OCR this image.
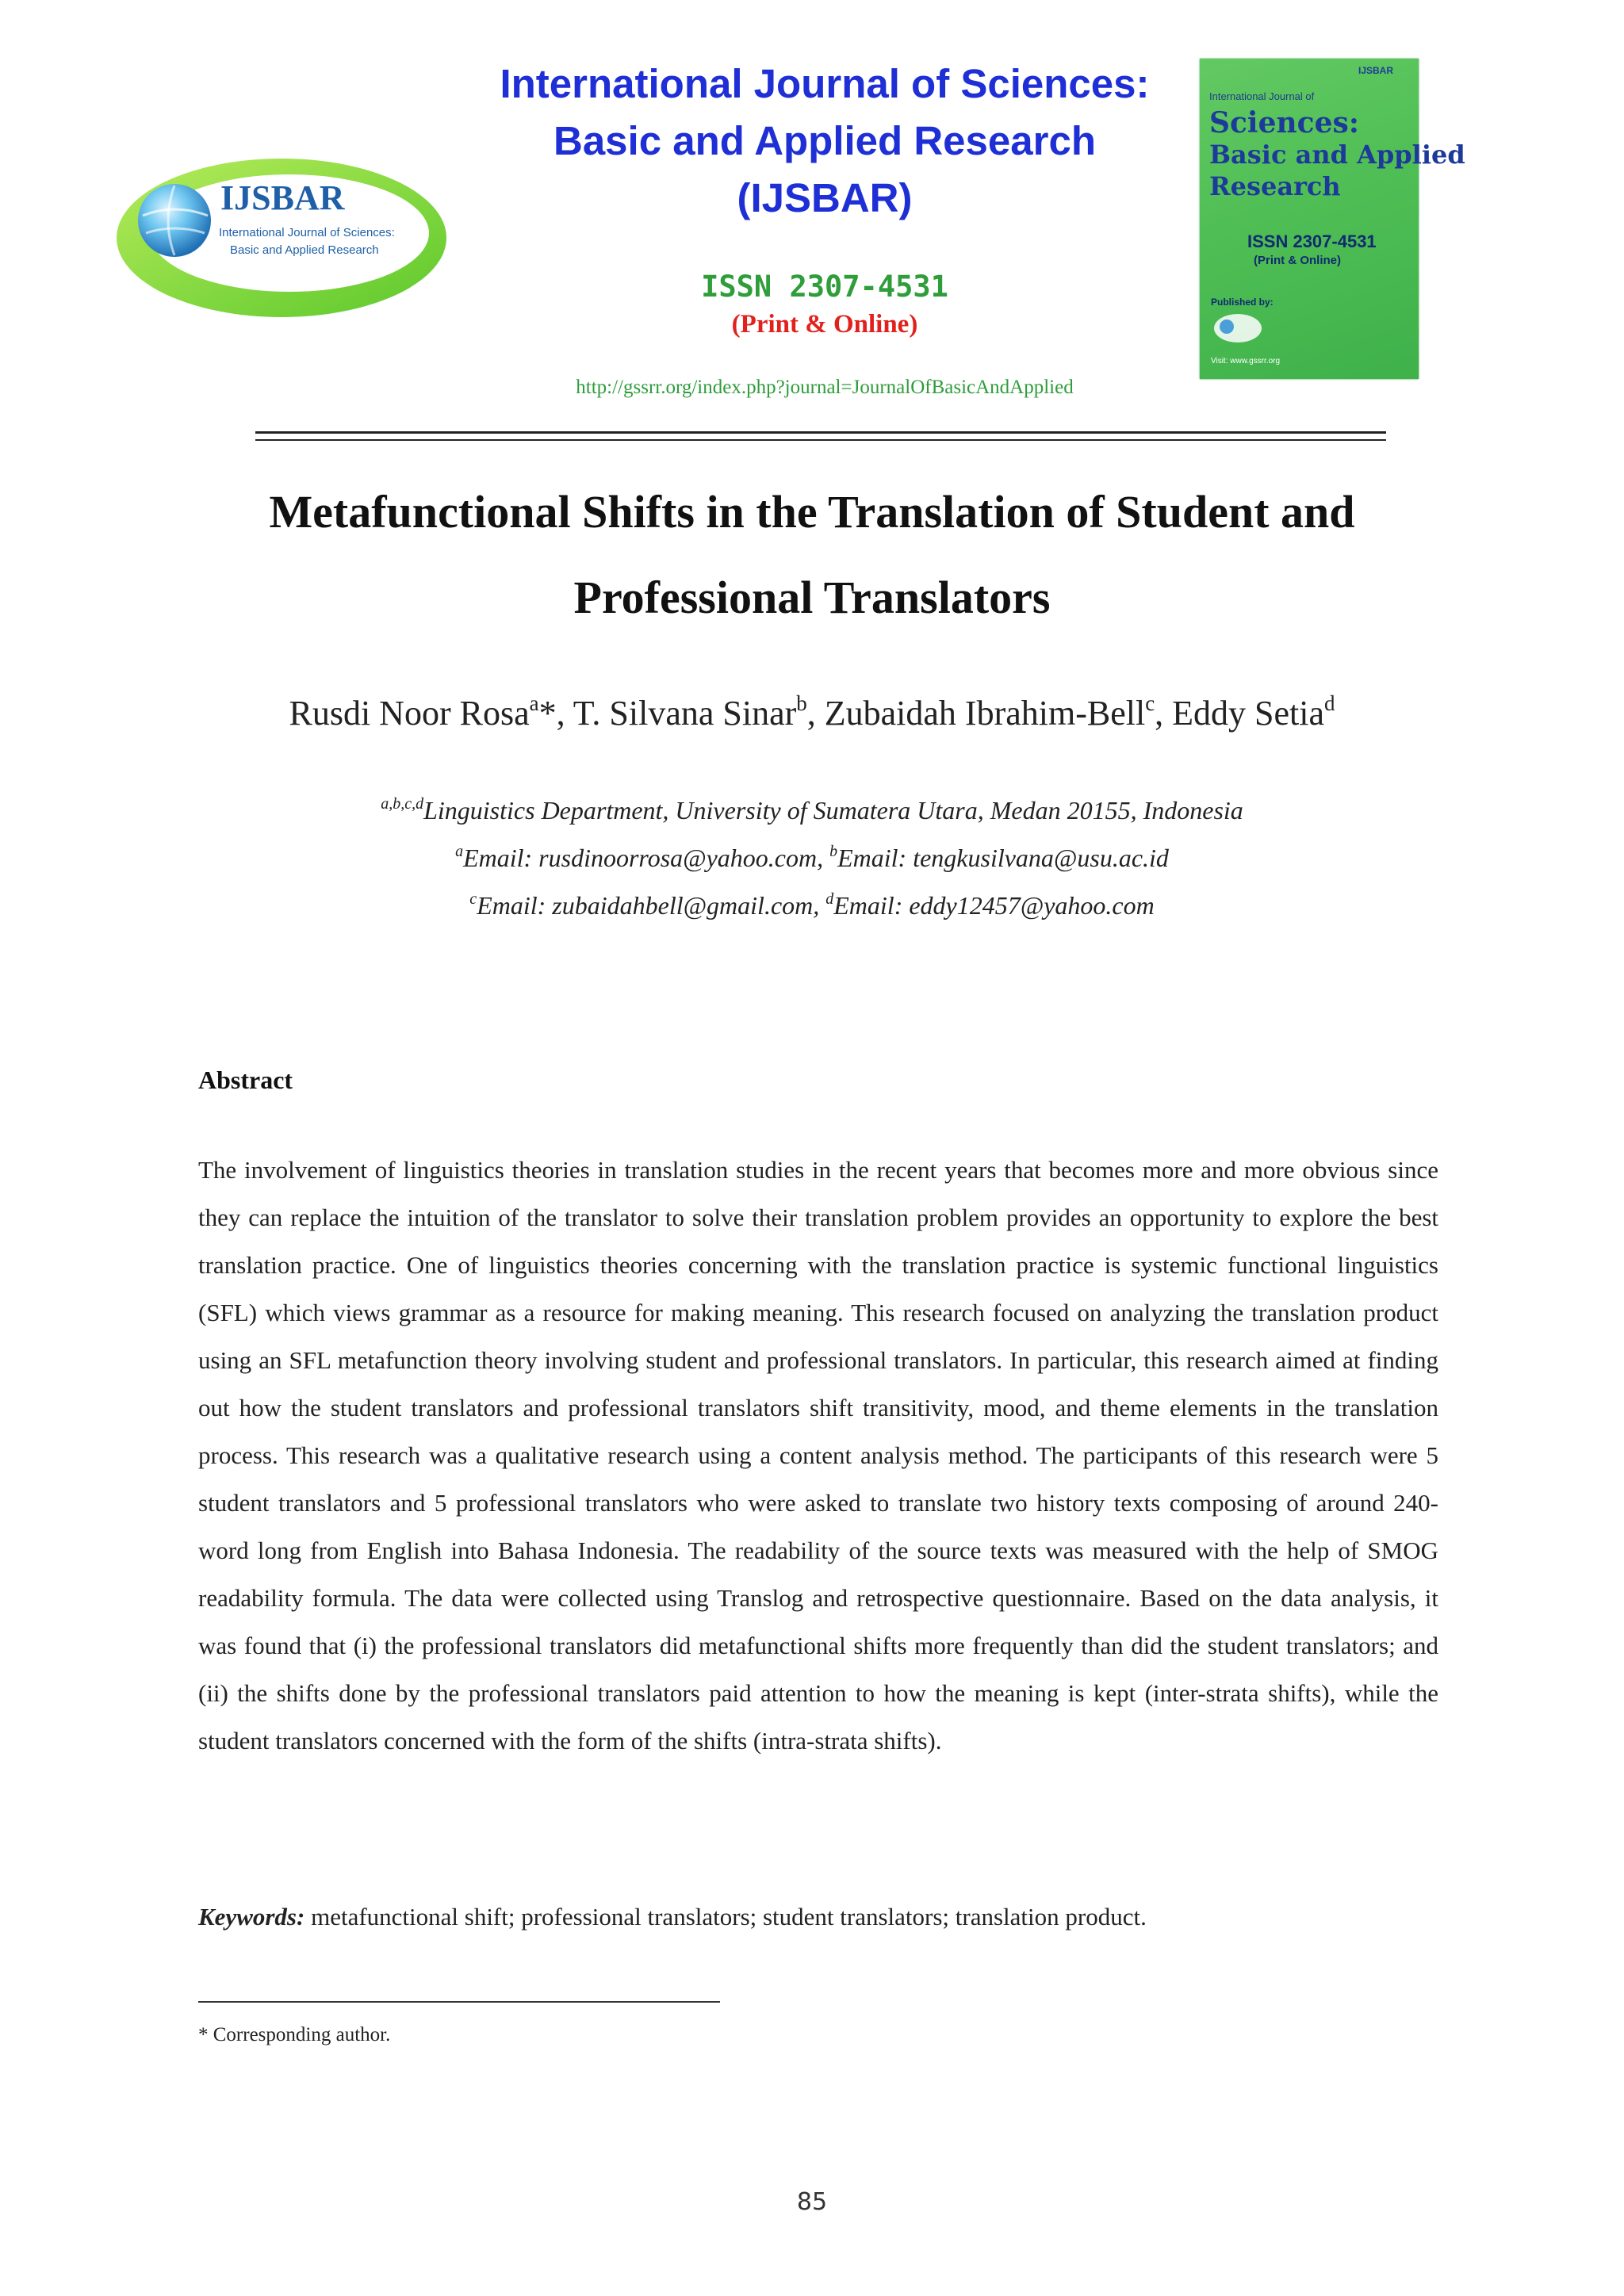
IJSBAR
International Journal of Sciences:
Basic and Applied Research
International Journal of Sciences:
Basic and Applied Research
(IJSBAR)
ISSN 2307-4531
(Print & Online)
http://gssrr.org/index.php?journal=JournalOfBasicAndApplied
IJSBAR
International Journal of
Sciences:
Basic and Applied
Research
ISSN 2307-4531
(Print & Online)
Published by:
Visit: www.gssrr.org
Metafunctional Shifts in the Translation of Student and
Professional Translators
Rusdi Noor Rosa$^a$*, T. Silvana Sinar$^b$, Zubaidah Ibrahim-Bell$^c$, Eddy Setia$^d$
$^{a,b,c,d}$Linguistics Department, University of Sumatera Utara, Medan 20155, Indonesia
$^a$Email: rusdinoorrosa@yahoo.com, $^b$Email: tengkusilvana@usu.ac.id
$^c$Email: zubaidahbell@gmail.com, $^d$Email: eddy12457@yahoo.com
Abstract
The involvement of linguistics theories in translation studies in the recent years that becomes more and more obvious since they can replace the intuition of the translator to solve their translation problem provides an opportunity to explore the best translation practice. One of linguistics theories concerning with the translation practice is systemic functional linguistics (SFL) which views grammar as a resource for making meaning. This research focused on analyzing the translation product using an SFL metafunction theory involving student and professional translators. In particular, this research aimed at finding out how the student translators and professional translators shift transitivity, mood, and theme elements in the translation process. This research was a qualitative research using a content analysis method. The participants of this research were 5 student translators and 5 professional translators who were asked to translate two history texts composing of around 240-word long from English into Bahasa Indonesia. The readability of the source texts was measured with the help of SMOG readability formula. The data were collected using Translog and retrospective questionnaire. Based on the data analysis, it was found that (i) the professional translators did metafunctional shifts more frequently than did the student translators; and (ii) the shifts done by the professional translators paid attention to how the meaning is kept (inter-strata shifts), while the student translators concerned with the form of the shifts (intra-strata shifts).
Keywords: metafunctional shift; professional translators; student translators; translation product.
* Corresponding author.
85
